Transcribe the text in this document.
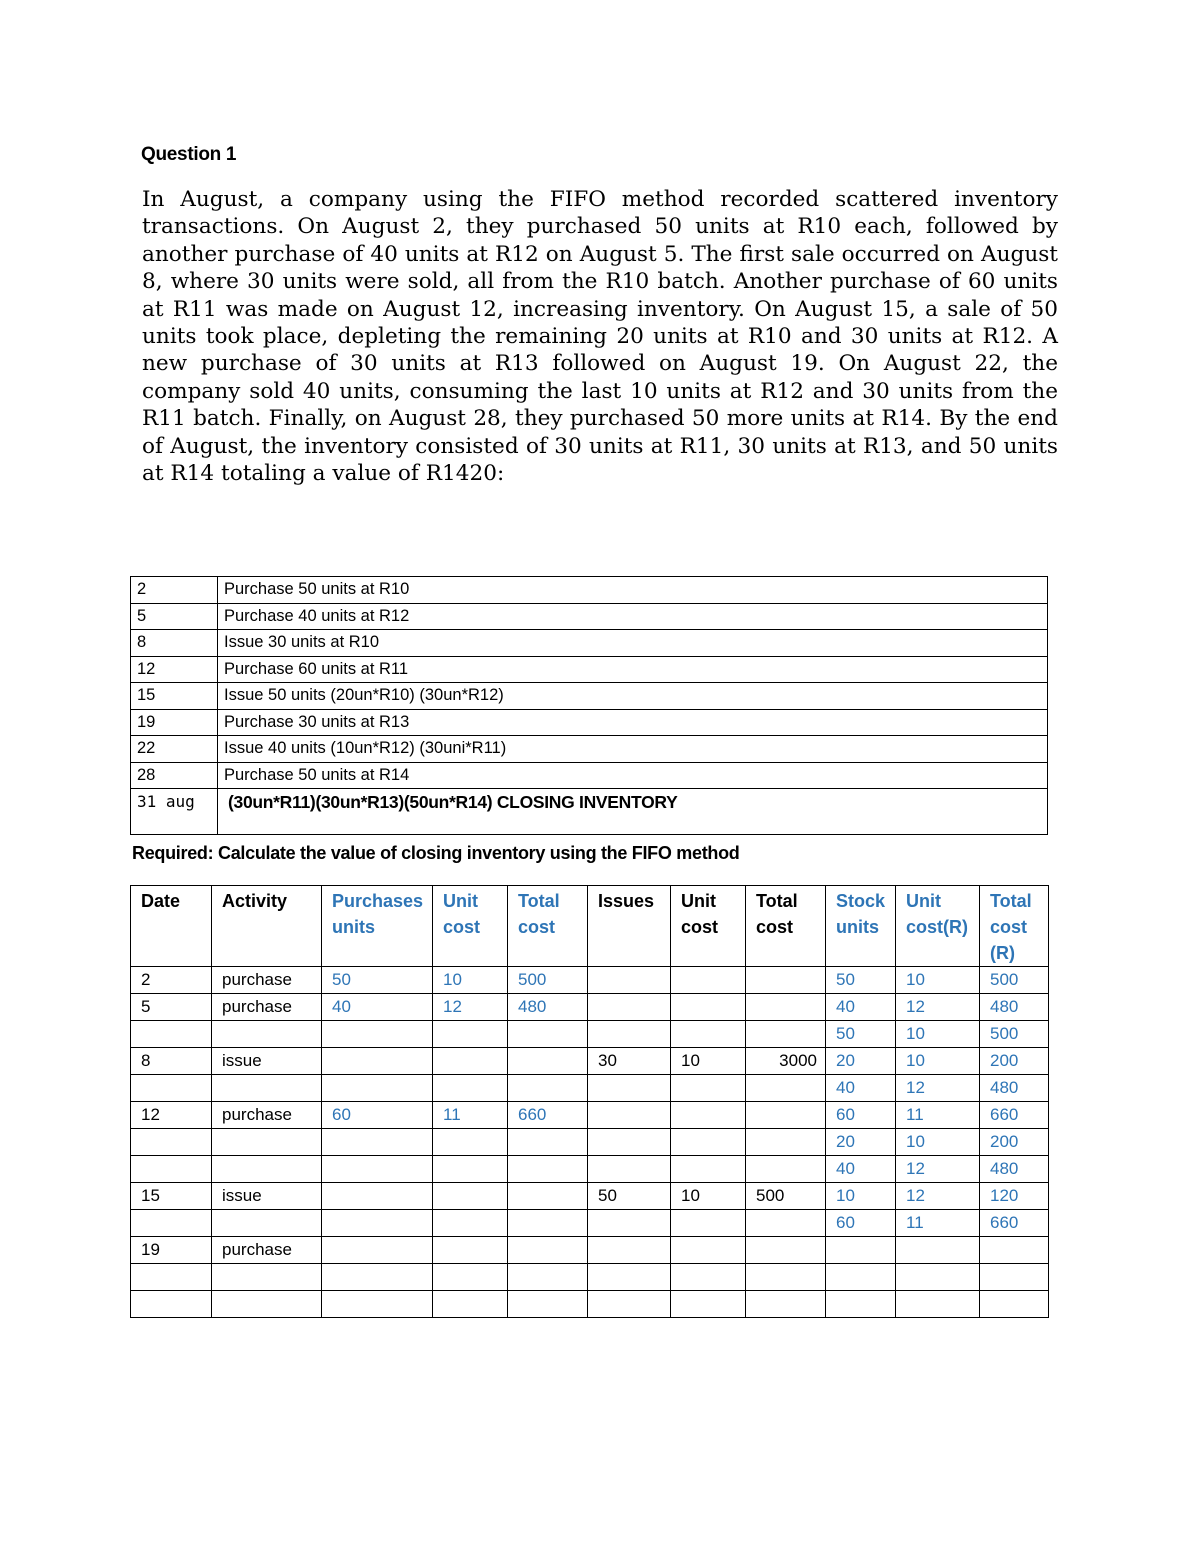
Question 1

In August, a company using the FIFO method recorded scattered inventory transactions. On August 2, they purchased 50 units at R10 each, followed by another purchase of 40 units at R12 on August 5. The first sale occurred on August 8, where 30 units were sold, all from the R10 batch. Another purchase of 60 units at R11 was made on August 12, increasing inventory. On August 15, a sale of 50 units took place, depleting the remaining 20 units at R10 and 30 units at R12. A new purchase of 30 units at R13 followed on August 19. On August 22, the company sold 40 units, consuming the last 10 units at R12 and 30 units from the R11 batch. Finally, on August 28, they purchased 50 more units at R14. By the end of August, the inventory consisted of 30 units at R11, 30 units at R13, and 50 units at R14 totaling a value of R1420:

2	Purchase 50 units at R10
5	Purchase 40 units at R12
8	Issue 30 units at R10
12	Purchase 60 units at R11
15	Issue 50 units (20un*R10) (30un*R12)
19	Purchase 30 units at R13
22	Issue 40 units (10un*R12) (30uni*R11)
28	Purchase 50 units at R14
31 aug	(30un*R11)(30un*R13)(50un*R14) CLOSING INVENTORY
Required: Calculate the value of closing inventory using the FIFO method
Date	Activity	Purchases units	Unit cost	Total cost	Issues	Unit cost	Total cost	Stock units	Unit cost(R)	Total cost (R)
2	purchase	50	10	500				50	10	500
5	purchase	40	12	480				40	12	480
								50	10	500
8	issue				30	10	3000	20	10	200
								40	12	480
12	purchase	60	11	660				60	11	660
								20	10	200
								40	12	480
15	issue				50	10	500	10	12	120
								60	11	660
19	purchase									
